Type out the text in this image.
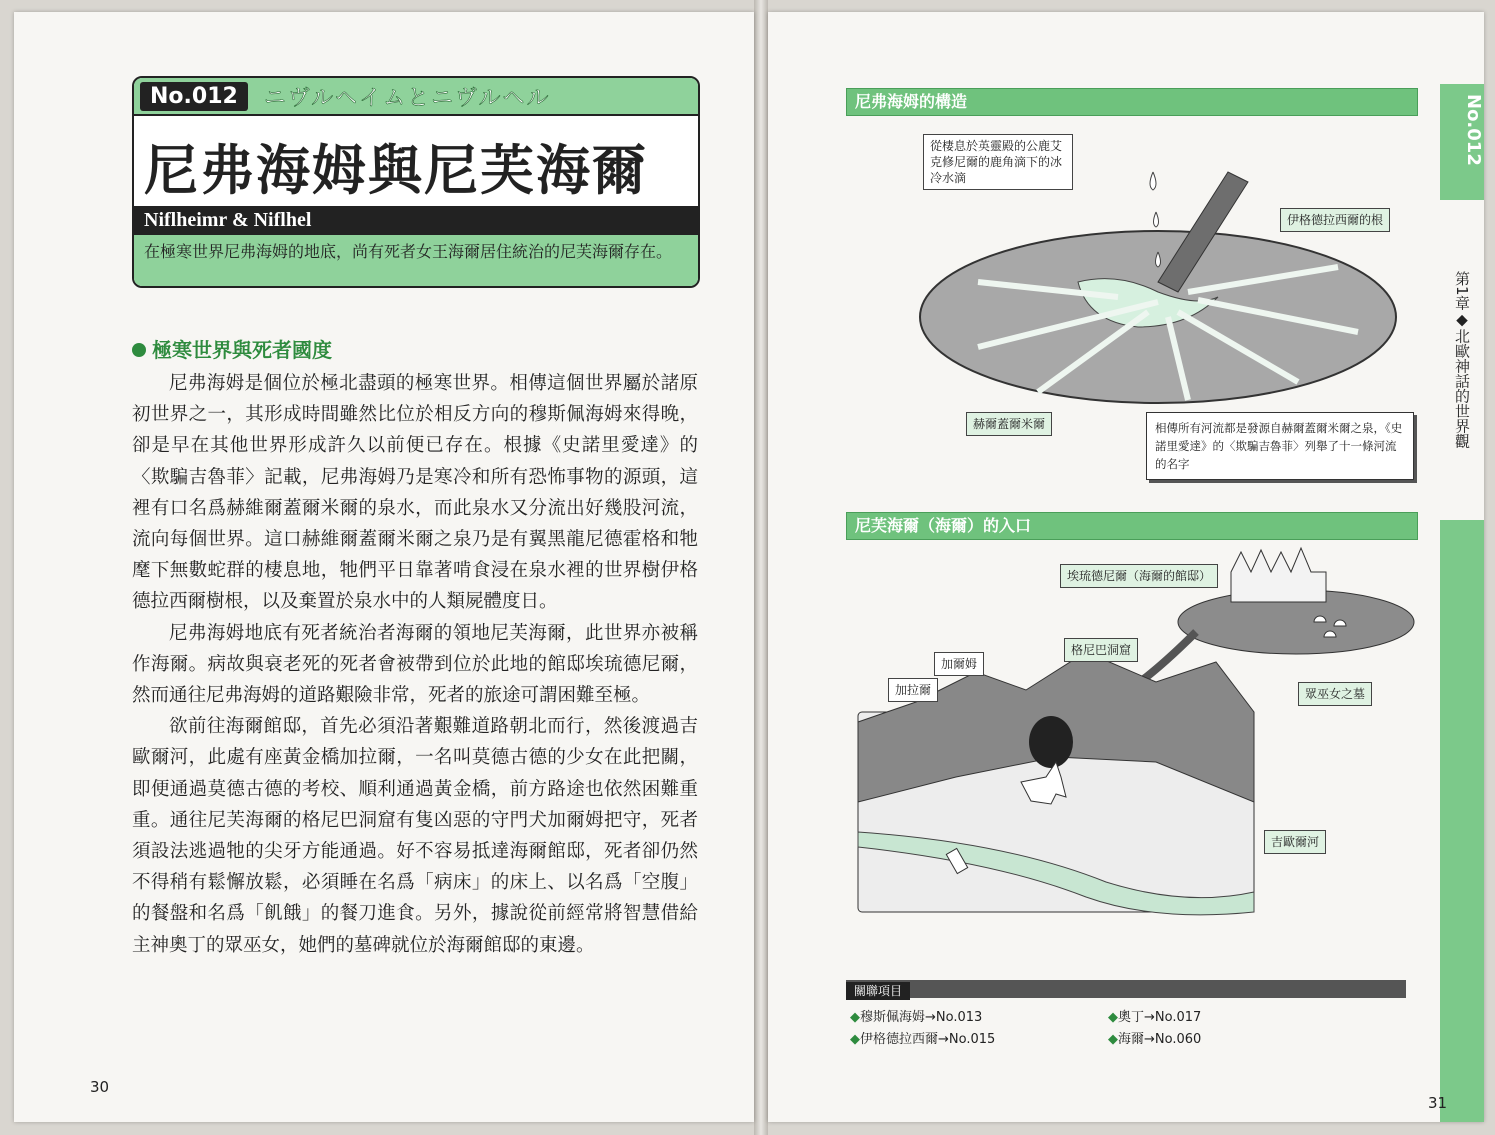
No.012	ニヴルヘイムとニヴルヘル
尼弗海姆與尼芙海爾
Niflheimr & Niflhel
在極寒世界尼弗海姆的地底，尚有死者女王海爾居住統治的尼芙海爾存在。
極寒世界與死者國度

尼弗海姆是個位於極北盡頭的極寒世界。相傳這個世界屬於諸原初世界之一，其形成時間雖然比位於相反方向的穆斯佩海姆來得晚，卻是早在其他世界形成許久以前便已存在。根據《史諾里愛達》的〈欺騙吉魯菲〉記載，尼弗海姆乃是寒冷和所有恐怖事物的源頭，這裡有口名爲赫維爾蓋爾米爾的泉水，而此泉水又分流出好幾股河流，流向每個世界。這口赫維爾蓋爾米爾之泉乃是有翼黑龍尼德霍格和牠麾下無數蛇群的棲息地，牠們平日靠著啃食浸在泉水裡的世界樹伊格德拉西爾樹根，以及棄置於泉水中的人類屍體度日。

尼弗海姆地底有死者統治者海爾的領地尼芙海爾，此世界亦被稱作海爾。病故與衰老死的死者會被帶到位於此地的館邸埃琉德尼爾，然而通往尼弗海姆的道路艱險非常，死者的旅途可謂困難至極。

欲前往海爾館邸，首先必須沿著艱難道路朝北而行，然後渡過吉歐爾河，此處有座黃金橋加拉爾，一名叫莫德古德的少女在此把關，即便通過莫德古德的考校、順利通過黃金橋，前方路途也依然困難重重。通往尼芙海爾的格尼巴洞窟有隻凶惡的守門犬加爾姆把守，死者須設法逃過牠的尖牙方能通過。好不容易抵達海爾館邸，死者卻仍然不得稍有鬆懈放鬆，必須睡在名爲「病床」的床上、以名爲「空腹」的餐盤和名爲「飢餓」的餐刀進食。另外，據說從前經常將智慧借給主神奧丁的眾巫女，她們的墓碑就位於海爾館邸的東邊。

30
尼弗海姆的構造
從棲息於英靈殿的公鹿艾克修尼爾的鹿角滴下的冰冷水滴
伊格德拉西爾的根
赫爾蓋爾米爾	相傳所有河流都是發源自赫爾蓋爾米爾之泉，《史諾里愛達》的〈欺騙吉魯菲〉列舉了十一條河流的名字
尼芙海爾（海爾）的入口
埃琉德尼爾（海爾的館邸）
格尼巴洞窟
加爾姆
加拉爾	眾巫女之墓
吉歐爾河
關聯項目
◆穆斯佩海姆→No.013
◆伊格德拉西爾→No.015
◆奧丁→No.017
◆海爾→No.060
No.012
第1章◆北歐神話的世界觀
31
